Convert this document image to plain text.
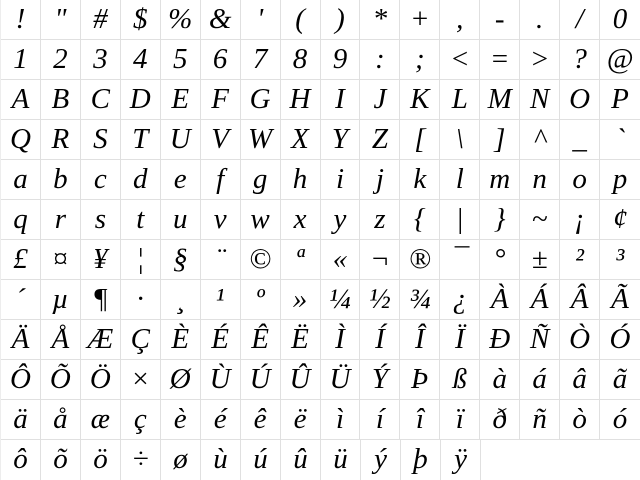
!	" # $ % & '	(	) * + ,	-	.	/	0
1 2 3 4 5 6 7 8 9 :	; < = > ? @
A B C D E F G H I J K L M N O P
Q R S T U V W X Y Z [	\	] ^ _ `
a b c d e	f g h i	j	k	l m n o p
q r s	t u v w x y z {	|	} ~ ¡ ¢
£ ¤ ¥ ¦ § ¨ © ª « ¬ ® ¯ ° ± ²	³
´ µ ¶ ·	¸	¹	º » ¼ ½ ¾ ¿ À Á Â Ã
Ä Å Æ Ç È É Ê Ë Ì	Í	Î	Ï Ð Ñ Ò Ó
Ô Õ Ö × Ø Ù Ú Û Ü Ý Þ ß à á â ã
ä å æ ç è é ê ë	ì	í	î	ï ð ñ ò ó
ô õ ö ÷ ø ù ú û ü ý þ ÿ
